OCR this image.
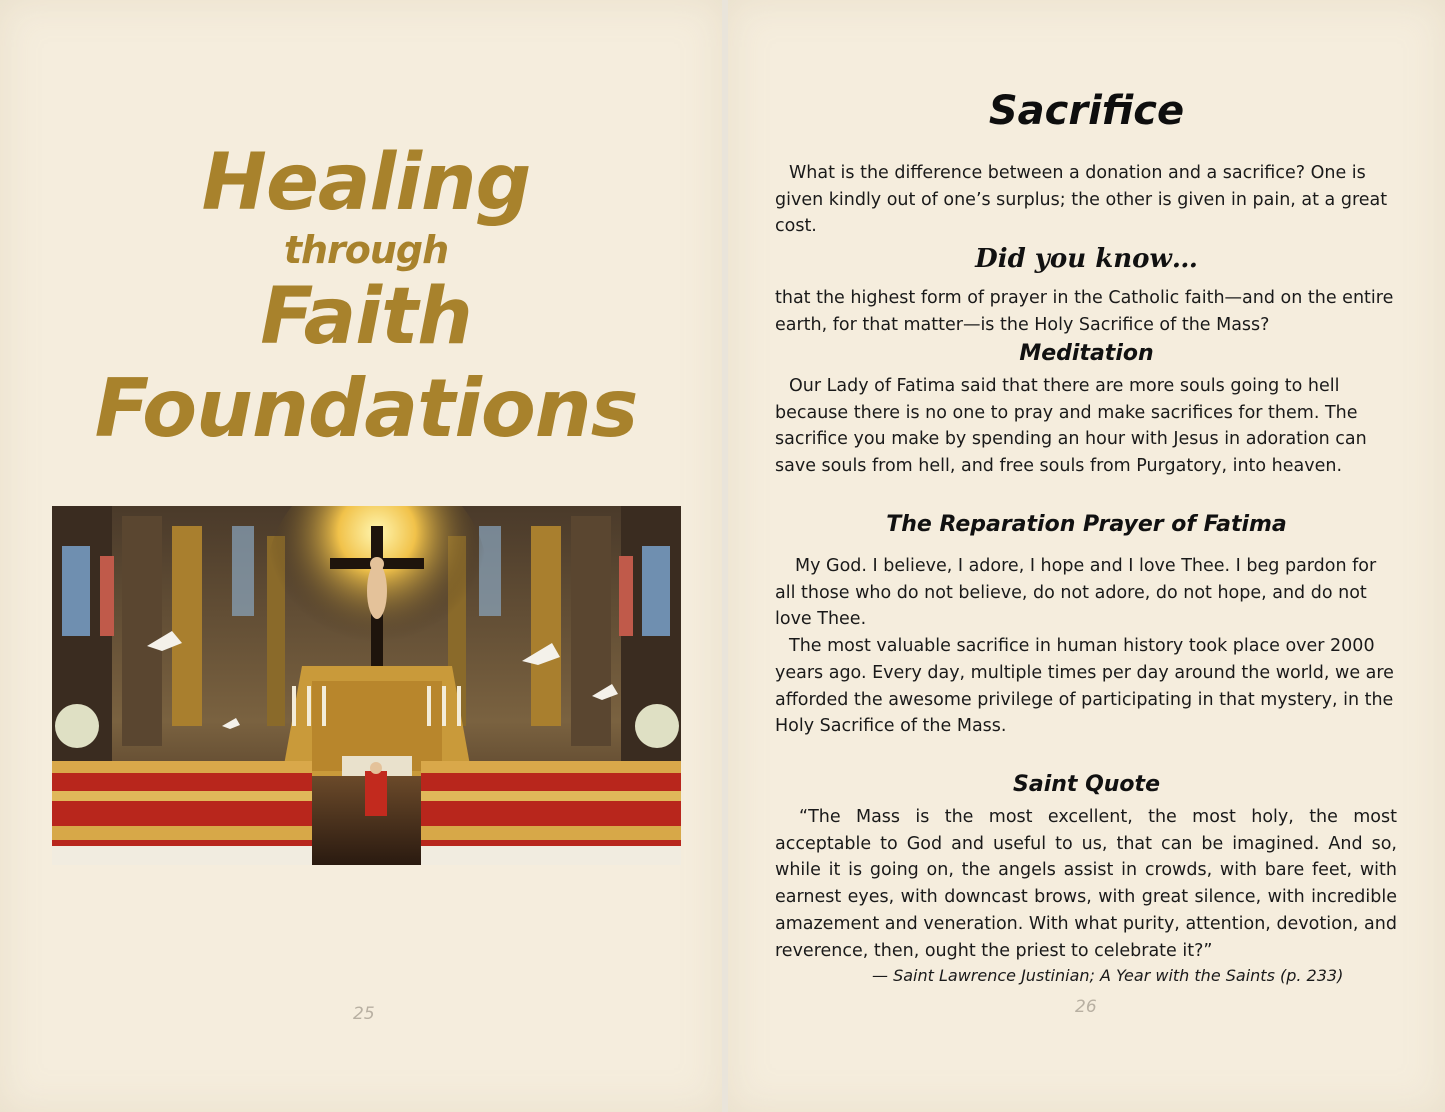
Healing
through
Faith
Foundations
25
Sacrifice

What is the difference between a donation and a sacrifice? One is given kindly out of one’s surplus; the other is given in pain, at a great cost.

Did you know…

that the highest form of prayer in the Catholic faith—and on the entire earth, for that matter—is the Holy Sacrifice of the Mass?

Meditation

Our Lady of Fatima said that there are more souls going to hell because there is no one to pray and make sacrifices for them. The sacrifice you make by spending an hour with Jesus in adoration can save souls from hell, and free souls from Purgatory, into heaven.

The Reparation Prayer of Fatima

My God. I believe, I adore, I hope and I love Thee. I beg pardon for all those who do not believe, do not adore, do not hope, and do not love Thee.

The most valuable sacrifice in human history took place over 2000 years ago. Every day, multiple times per day around the world, we are afforded the awesome privilege of participating in that mystery, in the Holy Sacrifice of the Mass.

Saint Quote

“The Mass is the most excellent, the most holy, the most acceptable to God and useful to us, that can be imagined. And so, while it is going on, the angels assist in crowds, with bare feet, with earnest eyes, with downcast brows, with great silence, with incredible amazement and veneration. With what purity, attention, devotion, and reverence, then, ought the priest to celebrate it?”

— Saint Lawrence Justinian; A Year with the Saints (p. 233)
26
